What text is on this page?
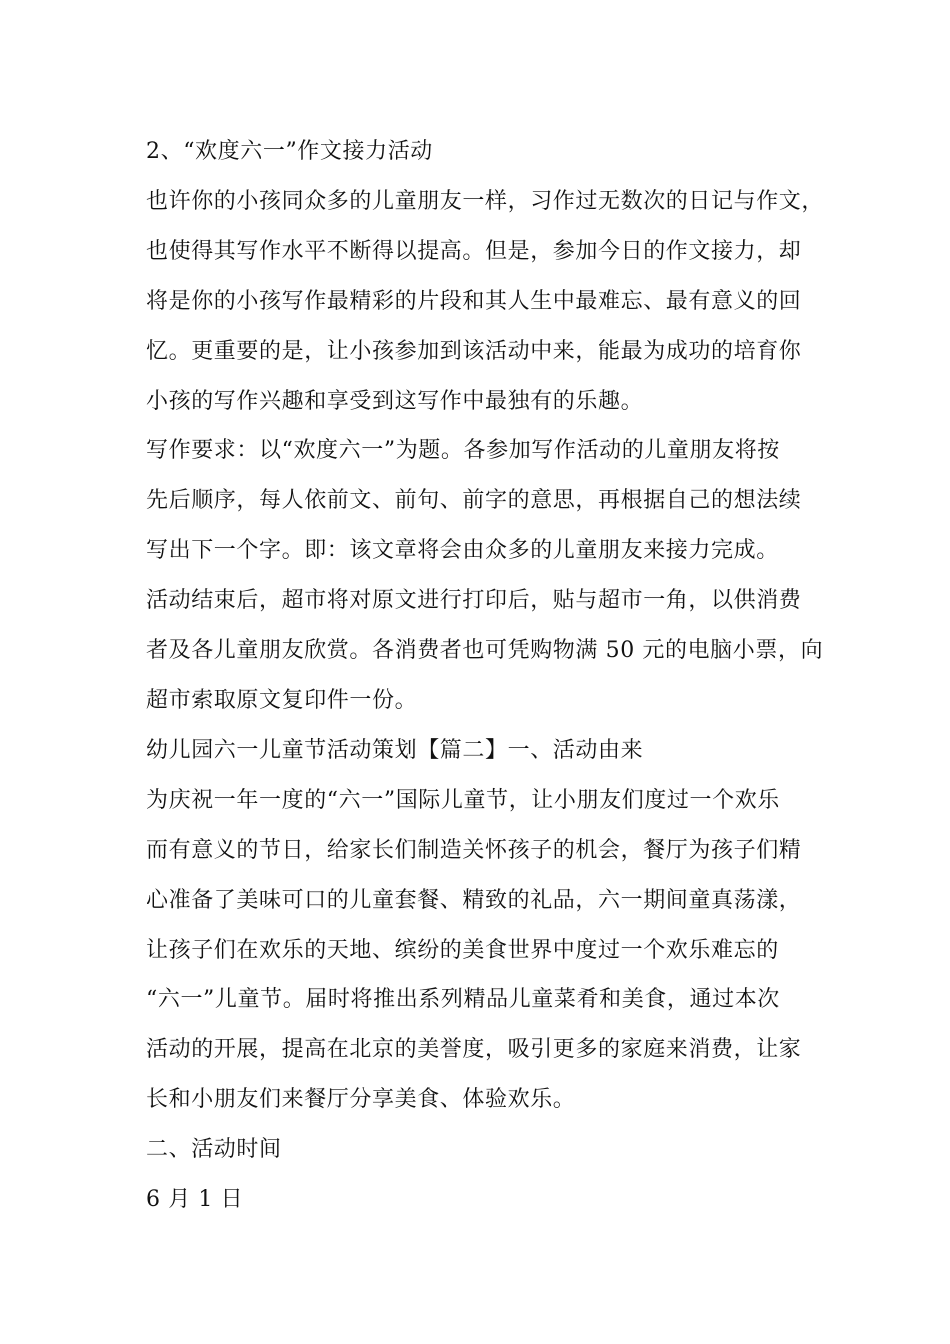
2、“欢度六一”作文接力活动
也许你的小孩同众多的儿童朋友一样，习作过无数次的日记与作文，
也使得其写作水平不断得以提高。但是，参加今日的作文接力，却
将是你的小孩写作最精彩的片段和其人生中最难忘、最有意义的回
忆。更重要的是，让小孩参加到该活动中来，能最为成功的培育你
小孩的写作兴趣和享受到这写作中最独有的乐趣。
写作要求：以“欢度六一”为题。各参加写作活动的儿童朋友将按
先后顺序，每人依前文、前句、前字的意思，再根据自己的想法续
写出下一个字。即：该文章将会由众多的儿童朋友来接力完成。
活动结束后，超市将对原文进行打印后，贴与超市一角，以供消费
者及各儿童朋友欣赏。各消费者也可凭购物满 50 元的电脑小票，向
超市索取原文复印件一份。
幼儿园六一儿童节活动策划【篇二】一、活动由来
为庆祝一年一度的“六一”国际儿童节，让小朋友们度过一个欢乐
而有意义的节日，给家长们制造关怀孩子的机会，餐厅为孩子们精
心准备了美味可口的儿童套餐、精致的礼品，六一期间童真荡漾，
让孩子们在欢乐的天地、缤纷的美食世界中度过一个欢乐难忘的
“六一”儿童节。届时将推出系列精品儿童菜肴和美食，通过本次
活动的开展，提高在北京的美誉度，吸引更多的家庭来消费，让家
长和小朋友们来餐厅分享美食、体验欢乐。
二、活动时间
6 月 1 日
